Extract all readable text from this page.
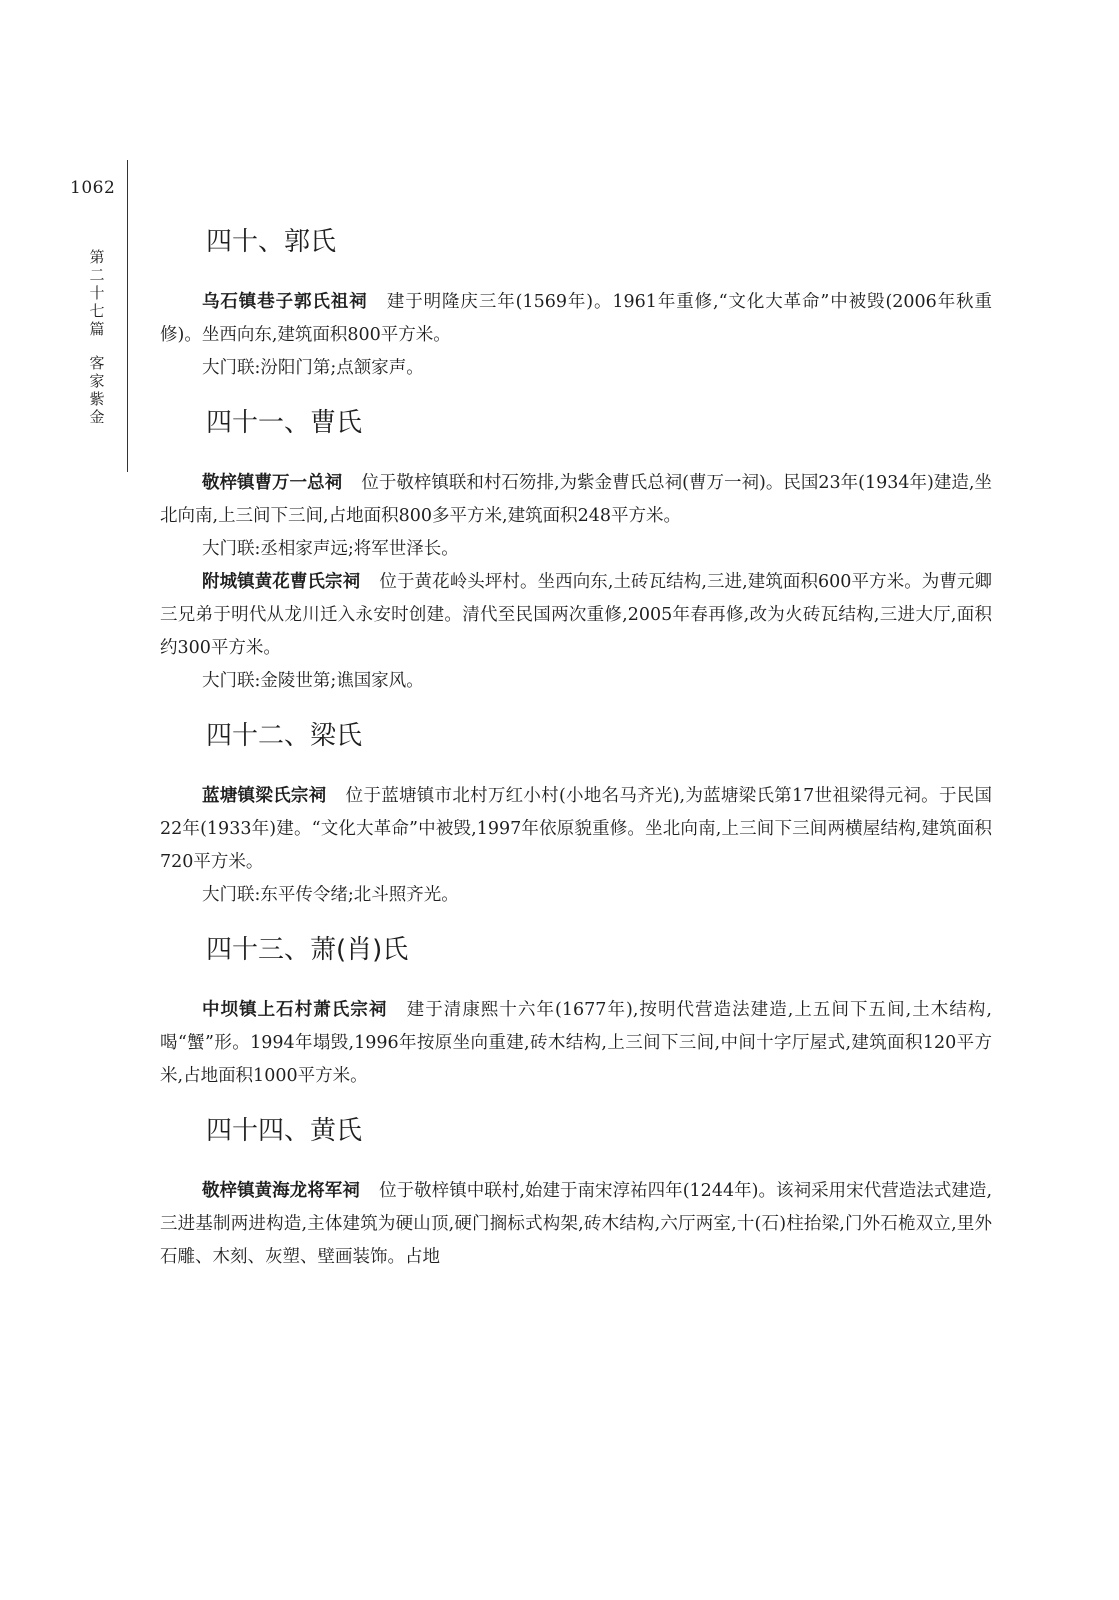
1062
第二十七篇
客家紫金
四十、郭氏

乌石镇巷子郭氏祖祠 建于明隆庆三年(1569年)。1961年重修,“文化大革命”中被毁(2006年秋重修)。坐西向东,建筑面积800平方米。

大门联:汾阳门第;点颔家声。

四十一、曹氏

敬梓镇曹万一总祠 位于敬梓镇联和村石笏排,为紫金曹氏总祠(曹万一祠)。民国23年(1934年)建造,坐北向南,上三间下三间,占地面积800多平方米,建筑面积248平方米。

大门联:丞相家声远;将军世泽长。

附城镇黄花曹氏宗祠 位于黄花岭头坪村。坐西向东,土砖瓦结构,三进,建筑面积600平方米。为曹元卿三兄弟于明代从龙川迁入永安时创建。清代至民国两次重修,2005年春再修,改为火砖瓦结构,三进大厅,面积约300平方米。

大门联:金陵世第;谯国家风。

四十二、梁氏

蓝塘镇梁氏宗祠 位于蓝塘镇市北村万红小村(小地名马齐光),为蓝塘梁氏第17世祖梁得元祠。于民国22年(1933年)建。“文化大革命”中被毁,1997年依原貌重修。坐北向南,上三间下三间两横屋结构,建筑面积720平方米。

大门联:东平传令绪;北斗照齐光。

四十三、萧(肖)氏

中坝镇上石村萧氏宗祠 建于清康熙十六年(1677年),按明代营造法建造,上五间下五间,土木结构,喝“蟹”形。1994年塌毁,1996年按原坐向重建,砖木结构,上三间下三间,中间十字厅屋式,建筑面积120平方米,占地面积1000平方米。

四十四、黄氏

敬梓镇黄海龙将军祠 位于敬梓镇中联村,始建于南宋淳祐四年(1244年)。该祠采用宋代营造法式建造,三进基制两进构造,主体建筑为硬山顶,硬门搁标式构架,砖木结构,六厅两室,十(石)柱抬梁,门外石桅双立,里外石雕、木刻、灰塑、壁画装饰。占地
